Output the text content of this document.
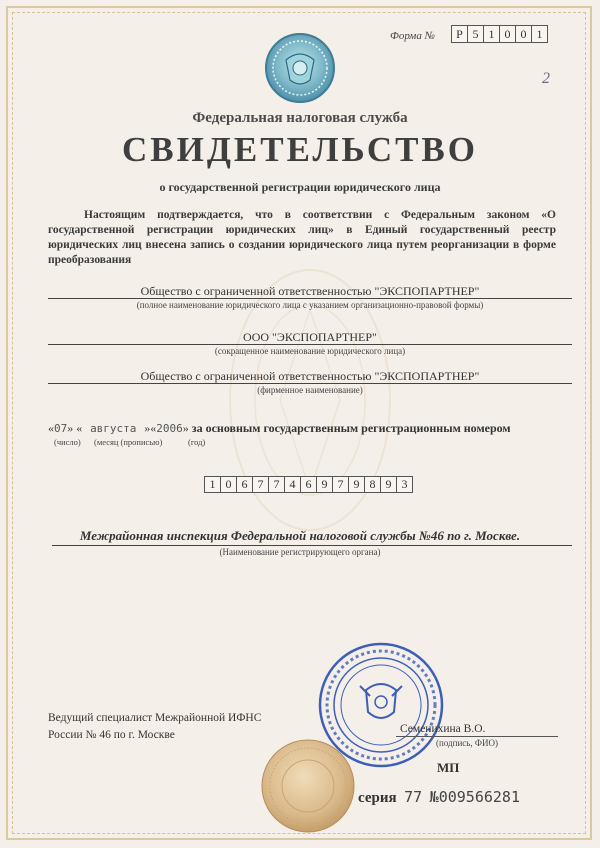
Форма №	Р 5 1 0 0 1
2
Федеральная налоговая служба
СВИДЕТЕЛЬСТВО
о государственной регистрации юридического лица
Настоящим подтверждается, что в соответствии с Федеральным законом «О государственной регистрации юридических лиц» в Единый государственный реестр юридических лиц внесена запись о создании юридического лица путем реорганизации в форме преобразования
Общество с ограниченной ответственностью "ЭКСПОПАРТНЕР"
(полное наименование юридического лица с указанием организационно-правовой формы)
ООО "ЭКСПОПАРТНЕР"
(сокращенное наименование юридического лица)
Общество с ограниченной ответственностью "ЭКСПОПАРТНЕР"
(фирменное наименование)
«07» « августа »«2006» за основным государственным регистрационным номером
(число) (месяц (прописью)	(год)
1 0 6 7 7 4 6 9 7 9 8 9 3
Межрайонная инспекция Федеральной налоговой службы №46 по г. Москве.
(Наименование регистрирующего органа)
Ведущий специалист Межрайонной ИФНС
России № 46 по г. Москве	Семенихина В.О.
(подпись, ФИО)
МП
серия 77 №009566281
